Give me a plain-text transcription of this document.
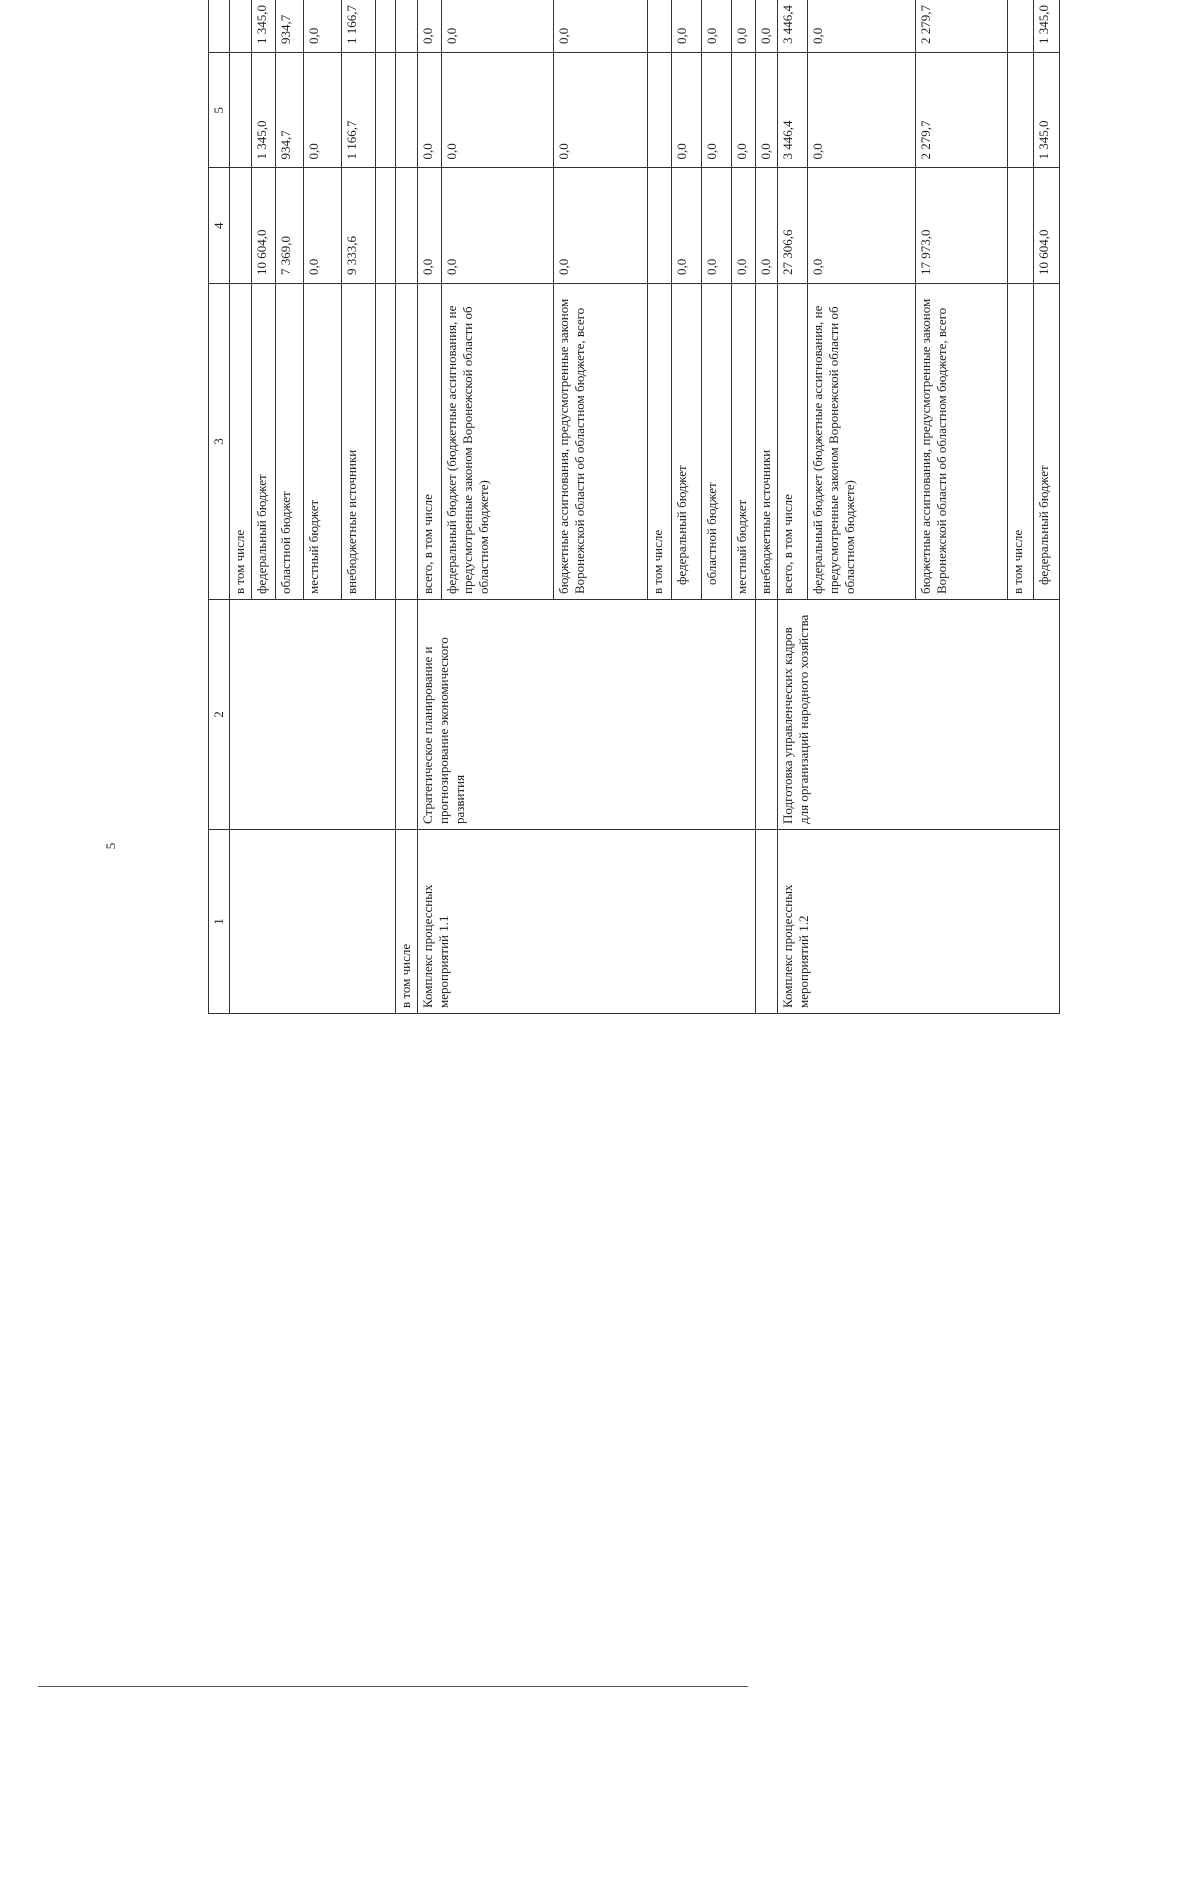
5
1	2	3	4	5							
		в том числе									
		федеральный бюджет	10 604,0	1 345,0	1 345,0						
		областной бюджет	7 369,0	934,7	934,7						
		местный бюджет	0,0	0,0	0,0						
		внебюджетные источники	9 333,6	1 166,7	1 166,7						

в том числе											
Комплекс процессных мероприятий 1.1	Стратегическое планирование и прогнозирование экономического развития	всего, в том числе	0,0	0,0	0,0						
		федеральный бюджет (бюджетные ассигнования, не предусмотренные законом Воронежской области об областном бюджете)	0,0	0,0	0,0						
		бюджетные ассигнования, предусмотренные законом Воронежской области об областном бюджете, всего	0,0	0,0	0,0						
		в том числе									
		федеральный бюджет	0,0	0,0	0,0						
		областной бюджет	0,0	0,0	0,0						
		местный бюджет	0,0	0,0	0,0						
		внебюджетные источники	0,0	0,0	0,0						
Комплекс процессных мероприятий 1.2	Подготовка управленческих кадров для организаций народного хозяйства	всего, в том числе	27 306,6	3 446,4	3 446,4						
		федеральный бюджет (бюджетные ассигнования, не предусмотренные законом Воронежской области об областном бюджете)	0,0	0,0	0,0						
		бюджетные ассигнования, предусмотренные законом Воронежской области об областном бюджете, всего	17 973,0	2 279,7	2 279,7						
		в том числе									
		федеральный бюджет	10 604,0	1 345,0	1 345,0						
